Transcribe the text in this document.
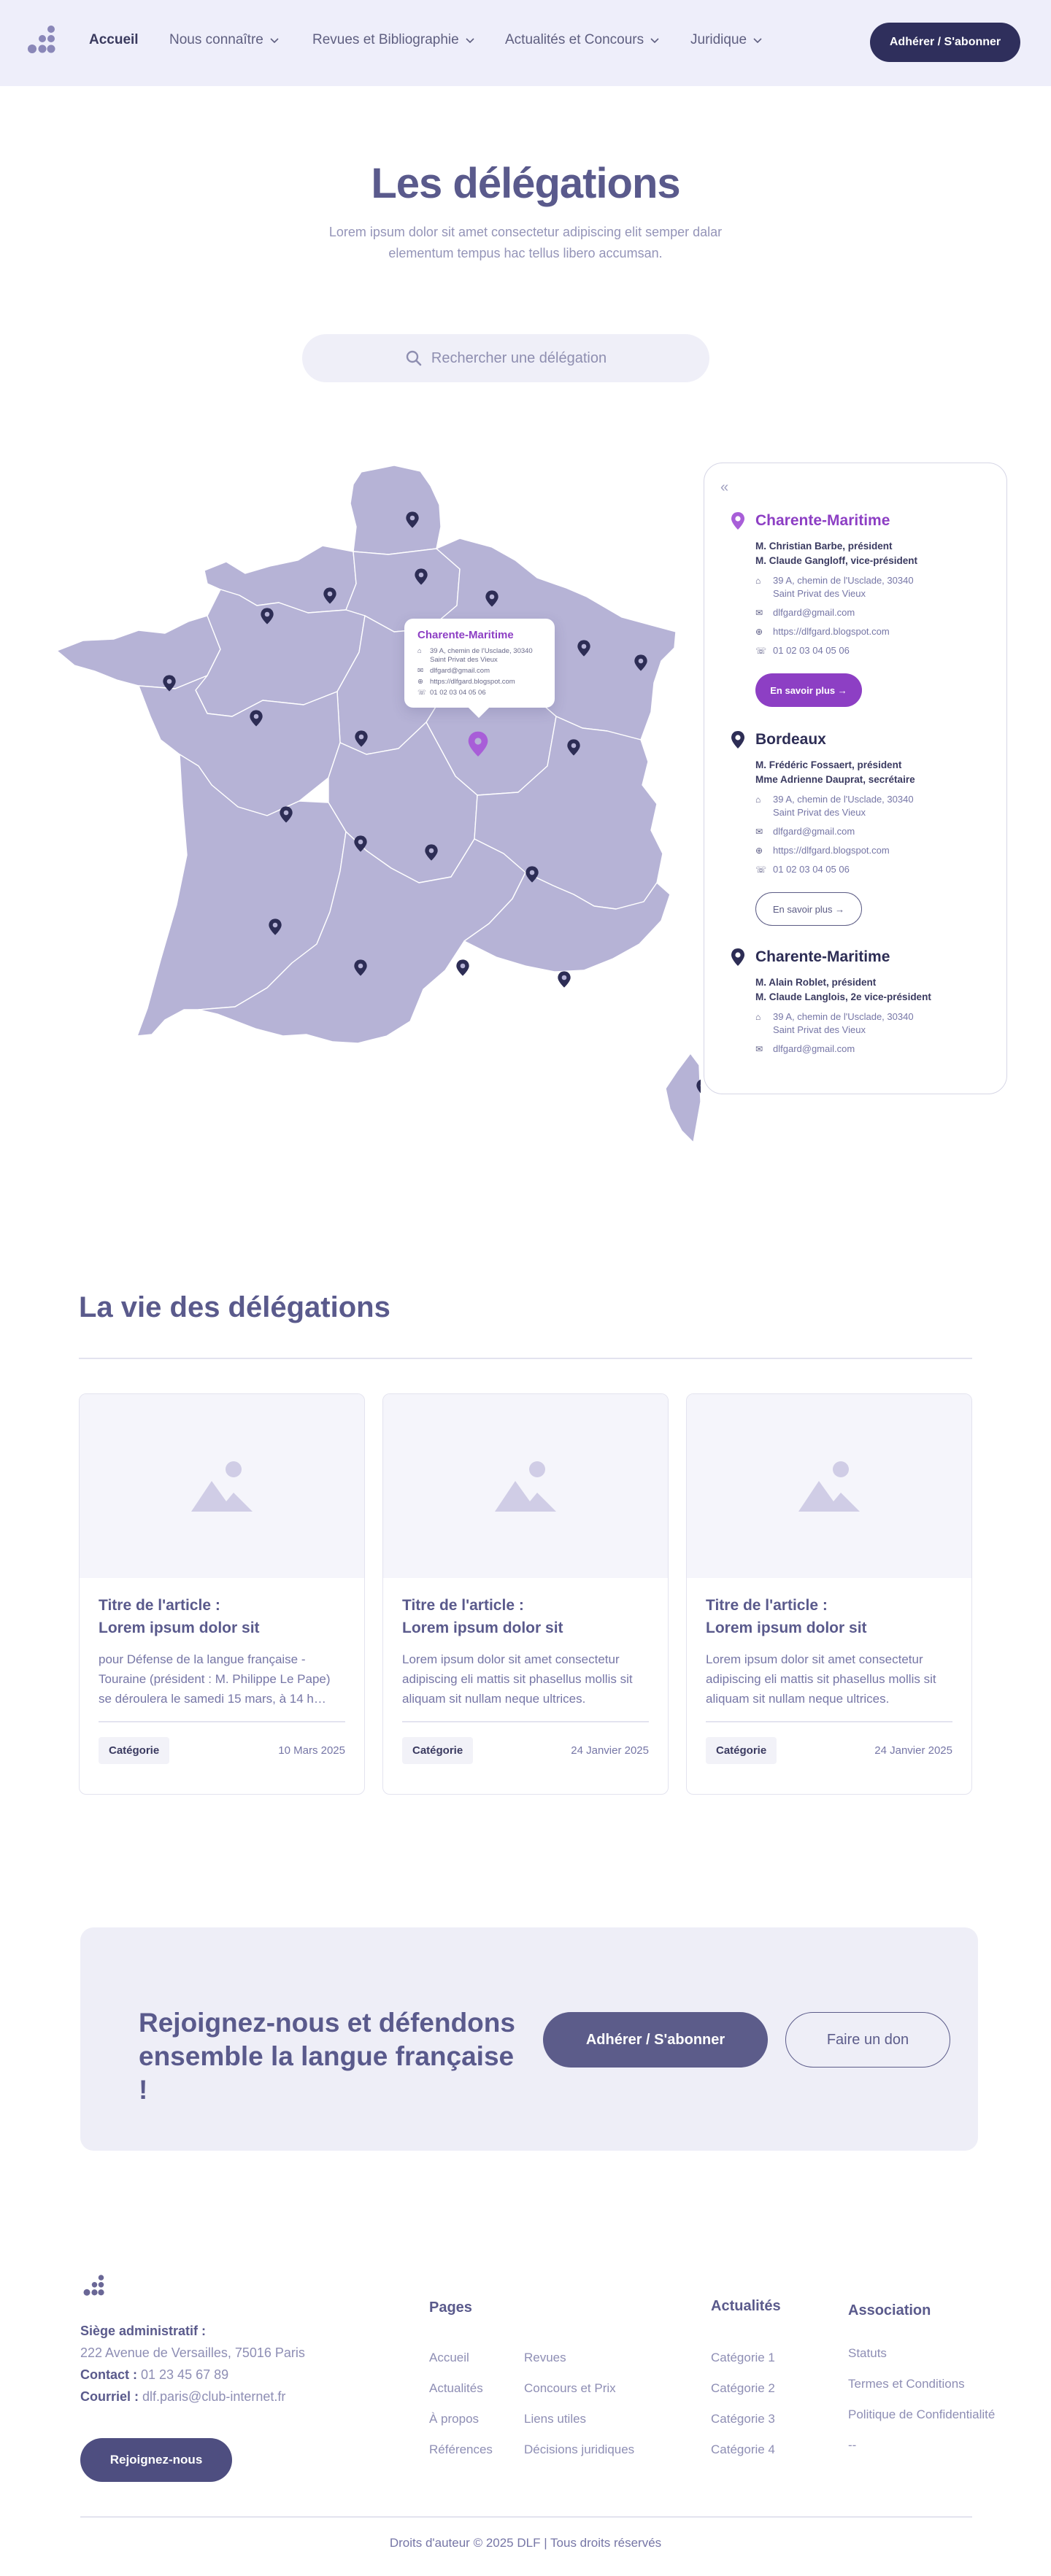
Accueil Nous connaître	Revues et Bibliographie	Actualités et Concours	Juridique	Adhérer / S'abonner
Les délégations

Lorem ipsum dolor sit amet consectetur adipiscing elit semper dalar elementum tempus hac tellus libero accumsan.

Rechercher une délégation
Charente-Maritime
⌂	39 A, chemin de l'Usclade, 30340
Saint Privat des Vieux
✉ dlfgard@gmail.com
⊕ https://dlfgard.blogspot.com
☏ 01 02 03 04 05 06
«
Charente-Maritime
M. Christian Barbe, président
M. Claude Gangloff, vice-président
⌂	39 A, chemin de l'Usclade, 30340
Saint Privat des Vieux
✉	dlfgard@gmail.com
⊕	https://dlfgard.blogspot.com
☏ 01 02 03 04 05 06
En savoir plus →
Bordeaux
M. Frédéric Fossaert, président
Mme Adrienne Dauprat, secrétaire
⌂	39 A, chemin de l'Usclade, 30340
Saint Privat des Vieux
✉	dlfgard@gmail.com
⊕	https://dlfgard.blogspot.com
☏ 01 02 03 04 05 06
En savoir plus →
Charente-Maritime
M. Alain Roblet, président
M. Claude Langlois, 2e vice-président
⌂	39 A, chemin de l'Usclade, 30340
Saint Privat des Vieux
✉	dlfgard@gmail.com
La vie des délégations
Titre de l'article :
Lorem ipsum dolor sit
pour Défense de la langue française - Touraine (président : M. Philippe Le Pape) se déroulera le samedi 15 mars, à 14 h…
Catégorie	10 Mars 2025
Titre de l'article :
Lorem ipsum dolor sit
Lorem ipsum dolor sit amet consectetur adipiscing eli mattis sit phasellus mollis sit aliquam sit nullam neque ultrices.
Catégorie	24 Janvier 2025
Titre de l'article :
Lorem ipsum dolor sit
Lorem ipsum dolor sit amet consectetur adipiscing eli mattis sit phasellus mollis sit aliquam sit nullam neque ultrices.
Catégorie	24 Janvier 2025
Rejoignez-nous et défendons ensemble la langue française !
Adhérer / S'abonner	Faire un don
Siège administratif :
222 Avenue de Versailles, 75016 Paris
Contact : 01 23 45 67 89
Courriel : dlf.paris@club-internet.fr
Rejoignez-nous
Pages
Accueil
Actualités
À propos
Références
Revues
Concours et Prix
Liens utiles
Décisions juridiques
Actualités
Catégorie 1
Catégorie 2
Catégorie 3
Catégorie 4
Association
Statuts
Termes et Conditions
Politique de Confidentialité
--
Droits d'auteur © 2025 DLF | Tous droits réservés
